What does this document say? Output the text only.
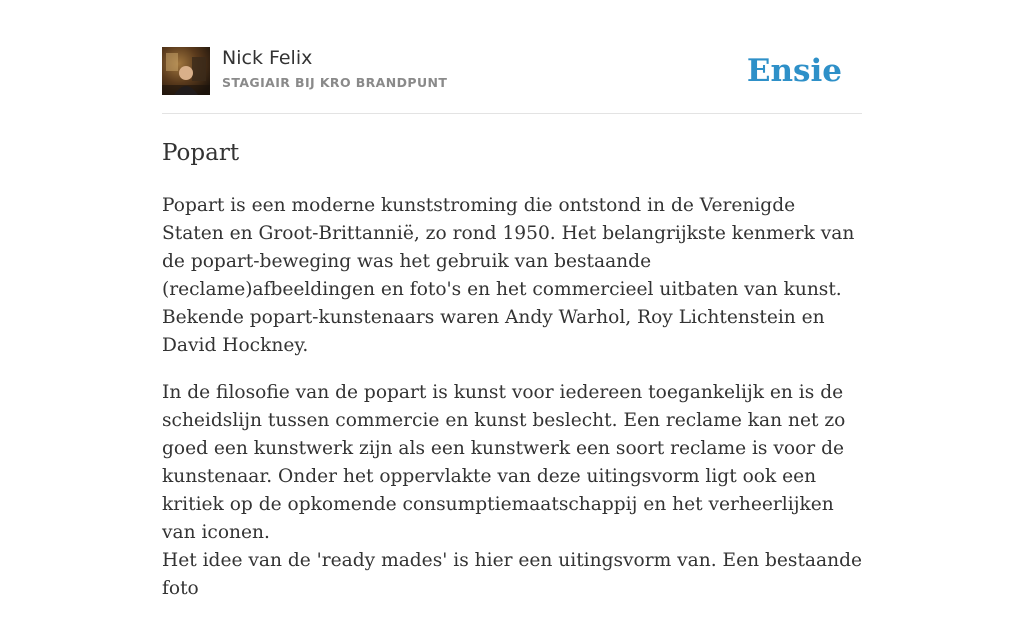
Nick Felix
STAGIAIR BIJ KRO BRANDPUNT	Ensie
Popart

Popart is een moderne kunststroming die ontstond in de Verenigde Staten en Groot-Brittannië, zo rond 1950. Het belangrijkste kenmerk van de popart-beweging was het gebruik van bestaande (reclame)afbeeldingen en foto's en het commercieel uitbaten van kunst. Bekende popart-kunstenaars waren Andy Warhol, Roy Lichtenstein en David Hockney.

In de filosofie van de popart is kunst voor iedereen toegankelijk en is de scheidslijn tussen commercie en kunst beslecht. Een reclame kan net zo goed een kunstwerk zijn als een kunstwerk een soort reclame is voor de kunstenaar. Onder het oppervlakte van deze uitingsvorm ligt ook een kritiek op de opkomende consumptiemaatschappij en het verheerlijken van iconen.

Het idee van de 'ready mades' is hier een uitingsvorm van. Een bestaande foto
